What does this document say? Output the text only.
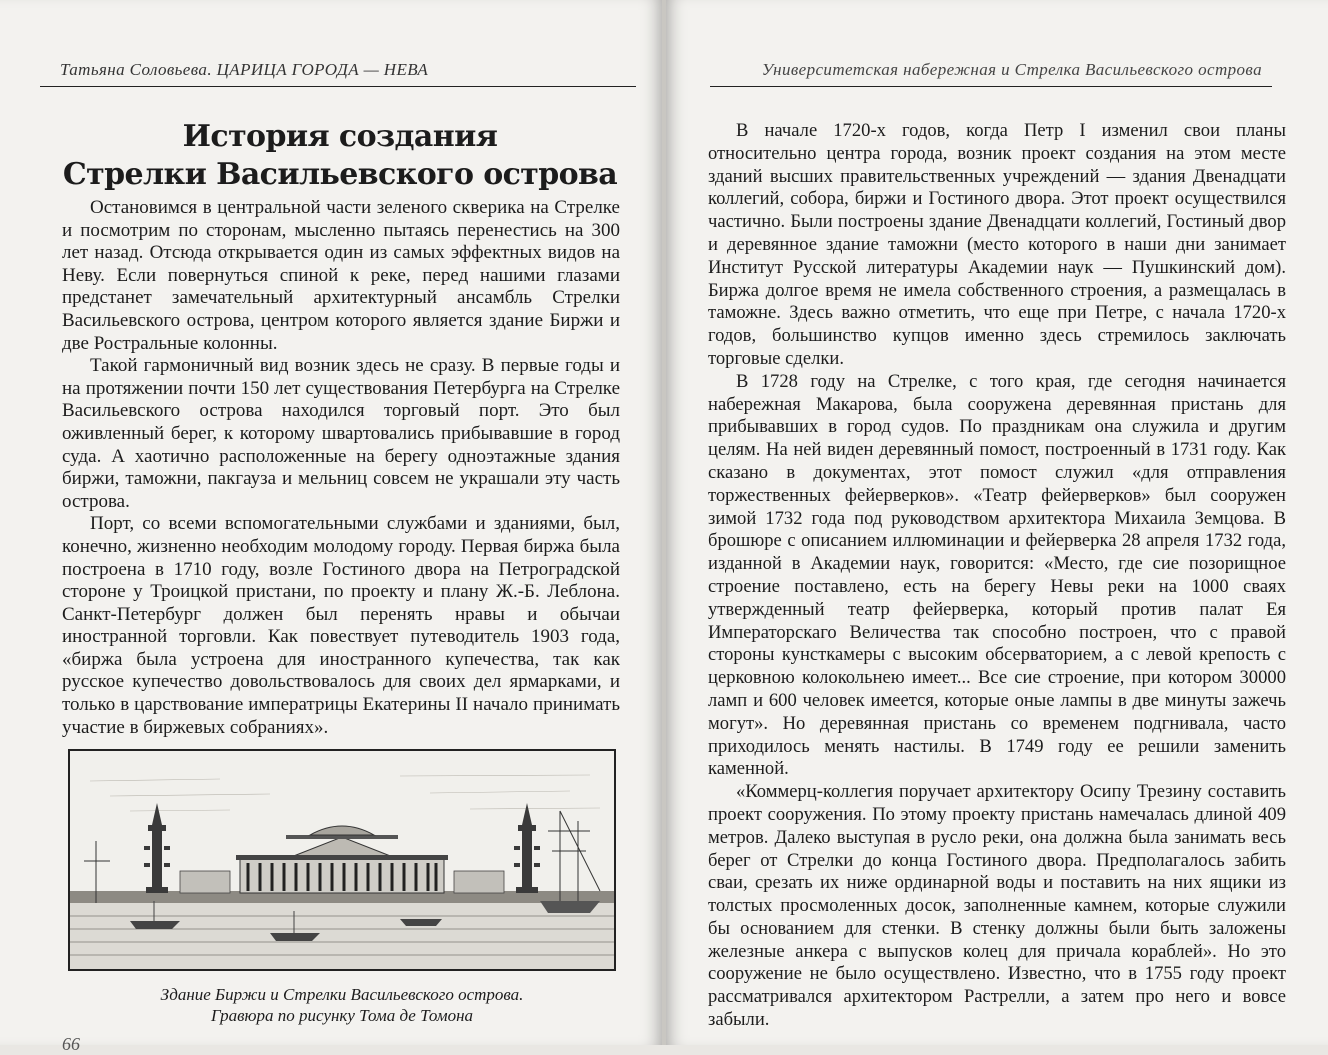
Татьяна Соловьева. ЦАРИЦА ГОРОДА — НЕВА
История создания
Стрелки Васильевского острова

Остановимся в центральной части зеленого скверика на Стрелке и посмотрим по сторонам, мысленно пытаясь перенестись на 300 лет назад. Отсюда открывается один из самых эффектных видов на Неву. Если повернуться спиной к реке, перед нашими глазами предстанет замечательный архитектурный ансамбль Стрелки Васильевского острова, центром которого является здание Биржи и две Ростральные колонны.

Такой гармоничный вид возник здесь не сразу. В первые годы и на протяжении почти 150 лет существования Петербурга на Стрелке Васильевского острова находился торговый порт. Это был оживленный берег, к которому швартовались прибывавшие в город суда. А хаотично расположенные на берегу одноэтажные здания биржи, таможни, пакгауза и мельниц совсем не украшали эту часть острова.

Порт, со всеми вспомогательными службами и зданиями, был, конечно, жизненно необходим молодому городу. Первая биржа была построена в 1710 году, возле Гостиного двора на Петроградской стороне у Троицкой пристани, по проекту и плану Ж.-Б. Леблона. Санкт-Петербург должен был перенять нравы и обычаи иностранной торговли. Как повествует путеводитель 1903 года, «биржа была устроена для иностранного купечества, так как русское купечество довольствовалось для своих дел ярмарками, и только в царствование императрицы Екатерины II начало принимать участие в биржевых собраниях».

Здание Биржи и Стрелки Васильевского острова.
Гравюра по рисунку Тома де Томона
66
Университетская набережная и Стрелка Васильевского острова

В начале 1720-х годов, когда Петр I изменил свои планы относительно центра города, возник проект создания на этом месте зданий высших правительственных учреждений — здания Двенадцати коллегий, собора, биржи и Гостиного двора. Этот проект осуществился частично. Были построены здание Двенадцати коллегий, Гостиный двор и деревянное здание таможни (место которого в наши дни занимает Институт Русской литературы Академии наук — Пушкинский дом). Биржа долгое время не имела собственного строения, а размещалась в таможне. Здесь важно отметить, что еще при Петре, с начала 1720-х годов, большинство купцов именно здесь стремилось заключать торговые сделки.

В 1728 году на Стрелке, с того края, где сегодня начинается набережная Макарова, была сооружена деревянная пристань для прибывавших в город судов. По праздникам она служила и другим целям. На ней виден деревянный помост, построенный в 1731 году. Как сказано в документах, этот помост служил «для отправления торжественных фейерверков». «Театр фейерверков» был сооружен зимой 1732 года под руководством архитектора Михаила Земцова. В брошюре с описанием иллюминации и фейерверка 28 апреля 1732 года, изданной в Академии наук, говорится: «Место, где сие позорищное строение поставлено, есть на берегу Невы реки на 1000 сваях утвержденный театр фейерверка, который против палат Ея Императорскаго Величества так способно построен, что с правой стороны кунсткамеры с высоким обсерваторием, а с левой крепость с церковною колокольнею имеет... Все сие строение, при котором 30000 ламп и 600 человек имеется, которые оные лампы в две минуты зажечь могут». Но деревянная пристань со временем подгнивала, часто приходилось менять настилы. В 1749 году ее решили заменить каменной.

«Коммерц-коллегия поручает архитектору Осипу Трезину составить проект сооружения. По этому проекту пристань намечалась длиной 409 метров. Далеко выступая в русло реки, она должна была занимать весь берег от Стрелки до конца Гостиного двора. Предполагалось забить сваи, срезать их ниже ординарной воды и поставить на них ящики из толстых просмоленных досок, заполненные камнем, которые служили бы основанием для стенки. В стенку должны были быть заложены железные анкера с выпусков колец для причала кораблей». Но это сооружение не было осуществлено. Известно, что в 1755 году проект рассматривался архитектором Растрелли, а затем про него и вовсе забыли.
